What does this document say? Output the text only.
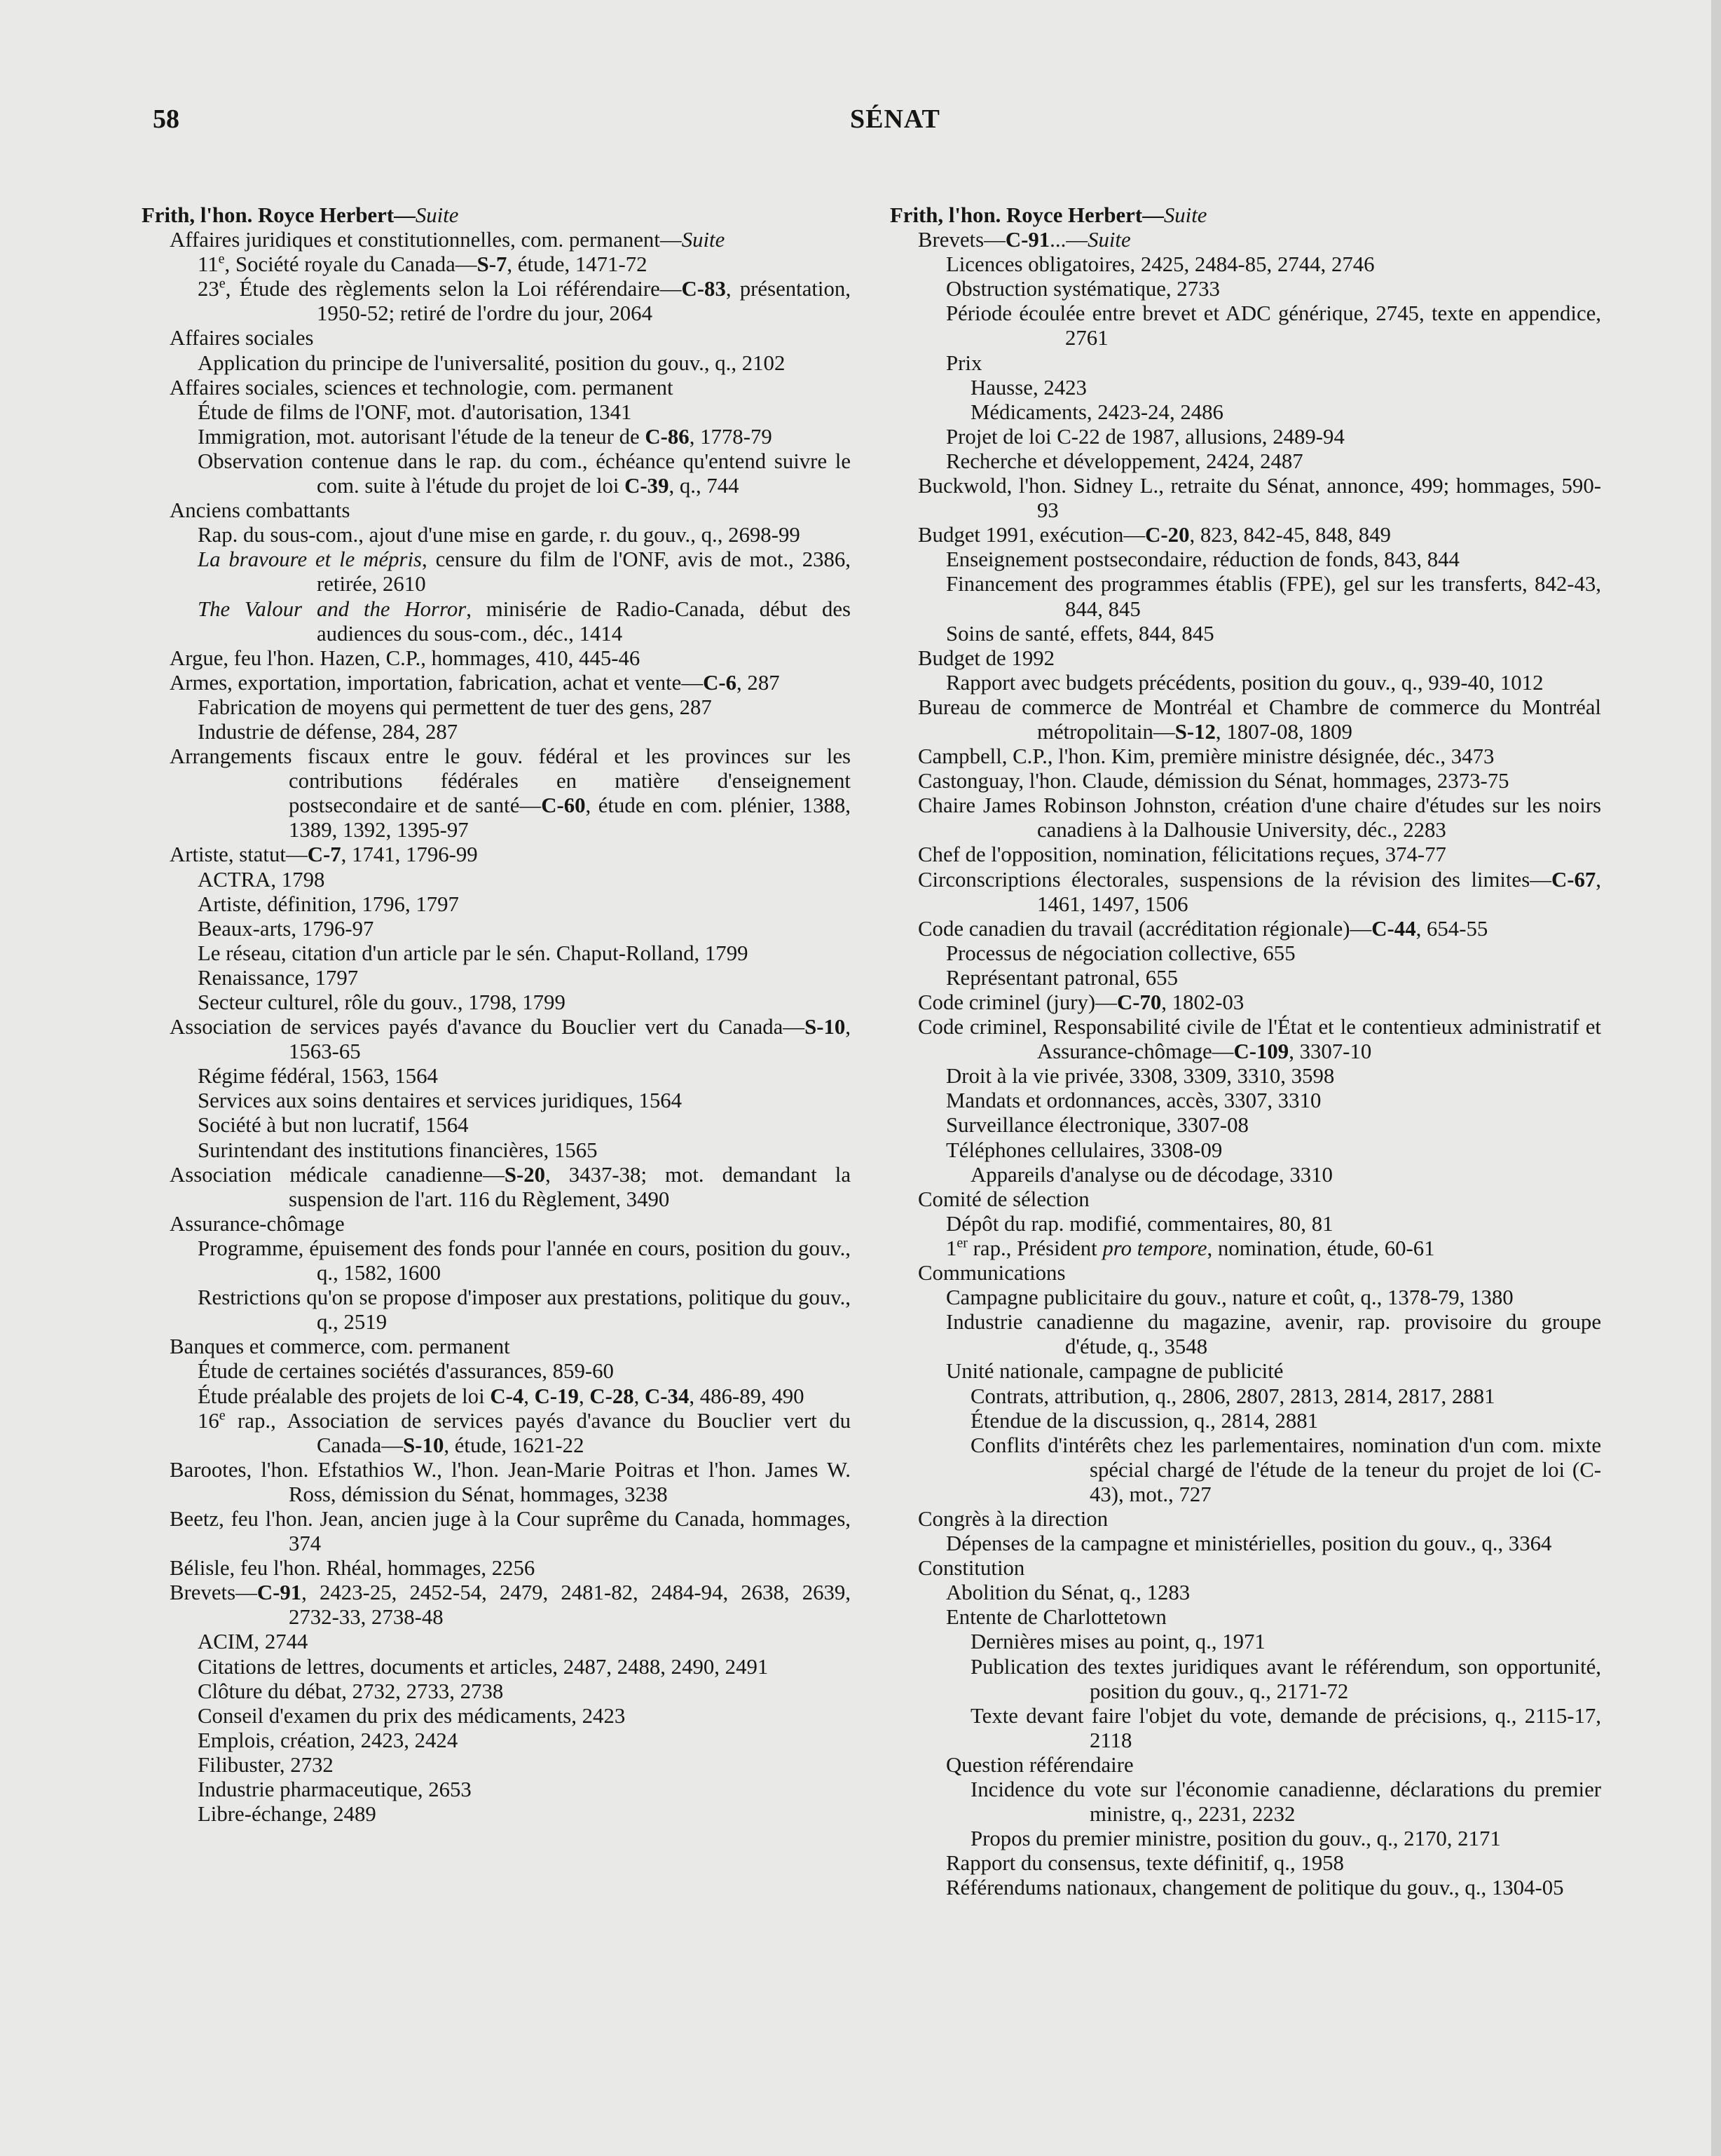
58	SÉNAT

Frith, l'hon. Royce Herbert—Suite

Affaires juridiques et constitutionnelles, com. permanent—Suite

11e, Société royale du Canada—S-7, étude, 1471-72

23e, Étude des règlements selon la Loi référendaire—C-83, présentation, 1950-52; retiré de l'ordre du jour, 2064

Affaires sociales

Application du principe de l'universalité, position du gouv., q., 2102

Affaires sociales, sciences et technologie, com. permanent

Étude de films de l'ONF, mot. d'autorisation, 1341

Immigration, mot. autorisant l'étude de la teneur de C-86, 1778-79

Observation contenue dans le rap. du com., échéance qu'entend suivre le com. suite à l'étude du projet de loi C-39, q., 744

Anciens combattants

Rap. du sous-com., ajout d'une mise en garde, r. du gouv., q., 2698-99

La bravoure et le mépris, censure du film de l'ONF, avis de mot., 2386, retirée, 2610

The Valour and the Horror, minisérie de Radio-Canada, début des audiences du sous-com., déc., 1414

Argue, feu l'hon. Hazen, C.P., hommages, 410, 445-46

Armes, exportation, importation, fabrication, achat et vente—C-6, 287

Fabrication de moyens qui permettent de tuer des gens, 287

Industrie de défense, 284, 287

Arrangements fiscaux entre le gouv. fédéral et les provinces sur les contributions fédérales en matière d'enseignement postsecondaire et de santé—C-60, étude en com. plénier, 1388, 1389, 1392, 1395-97

Artiste, statut—C-7, 1741, 1796-99

ACTRA, 1798

Artiste, définition, 1796, 1797

Beaux-arts, 1796-97

Le réseau, citation d'un article par le sén. Chaput-Rolland, 1799

Renaissance, 1797

Secteur culturel, rôle du gouv., 1798, 1799

Association de services payés d'avance du Bouclier vert du Canada—S-10, 1563-65

Régime fédéral, 1563, 1564

Services aux soins dentaires et services juridiques, 1564

Société à but non lucratif, 1564

Surintendant des institutions financières, 1565

Association médicale canadienne—S-20, 3437-38; mot. demandant la suspension de l'art. 116 du Règlement, 3490

Assurance-chômage

Programme, épuisement des fonds pour l'année en cours, position du gouv., q., 1582, 1600

Restrictions qu'on se propose d'imposer aux prestations, politique du gouv., q., 2519

Banques et commerce, com. permanent

Étude de certaines sociétés d'assurances, 859-60

Étude préalable des projets de loi C-4, C-19, C-28, C-34, 486-89, 490

16e rap., Association de services payés d'avance du Bouclier vert du Canada—S-10, étude, 1621-22

Barootes, l'hon. Efstathios W., l'hon. Jean-Marie Poitras et l'hon. James W. Ross, démission du Sénat, hommages, 3238

Beetz, feu l'hon. Jean, ancien juge à la Cour suprême du Canada, hommages, 374

Bélisle, feu l'hon. Rhéal, hommages, 2256

Brevets—C-91, 2423-25, 2452-54, 2479, 2481-82, 2484-94, 2638, 2639, 2732-33, 2738-48

ACIM, 2744

Citations de lettres, documents et articles, 2487, 2488, 2490, 2491

Clôture du débat, 2732, 2733, 2738

Conseil d'examen du prix des médicaments, 2423

Emplois, création, 2423, 2424

Filibuster, 2732

Industrie pharmaceutique, 2653

Libre-échange, 2489

Frith, l'hon. Royce Herbert—Suite

Brevets—C-91...—Suite

Licences obligatoires, 2425, 2484-85, 2744, 2746

Obstruction systématique, 2733

Période écoulée entre brevet et ADC générique, 2745, texte en appendice, 2761

Prix

Hausse, 2423

Médicaments, 2423-24, 2486

Projet de loi C-22 de 1987, allusions, 2489-94

Recherche et développement, 2424, 2487

Buckwold, l'hon. Sidney L., retraite du Sénat, annonce, 499; hommages, 590-93

Budget 1991, exécution—C-20, 823, 842-45, 848, 849

Enseignement postsecondaire, réduction de fonds, 843, 844

Financement des programmes établis (FPE), gel sur les transferts, 842-43, 844, 845

Soins de santé, effets, 844, 845

Budget de 1992

Rapport avec budgets précédents, position du gouv., q., 939-40, 1012

Bureau de commerce de Montréal et Chambre de commerce du Montréal métropolitain—S-12, 1807-08, 1809

Campbell, C.P., l'hon. Kim, première ministre désignée, déc., 3473

Castonguay, l'hon. Claude, démission du Sénat, hommages, 2373-75

Chaire James Robinson Johnston, création d'une chaire d'études sur les noirs canadiens à la Dalhousie University, déc., 2283

Chef de l'opposition, nomination, félicitations reçues, 374-77

Circonscriptions électorales, suspensions de la révision des limites—C-67, 1461, 1497, 1506

Code canadien du travail (accréditation régionale)—C-44, 654-55

Processus de négociation collective, 655

Représentant patronal, 655

Code criminel (jury)—C-70, 1802-03

Code criminel, Responsabilité civile de l'État et le contentieux administratif et Assurance-chômage—C-109, 3307-10

Droit à la vie privée, 3308, 3309, 3310, 3598

Mandats et ordonnances, accès, 3307, 3310

Surveillance électronique, 3307-08

Téléphones cellulaires, 3308-09

Appareils d'analyse ou de décodage, 3310

Comité de sélection

Dépôt du rap. modifié, commentaires, 80, 81

1er rap., Président pro tempore, nomination, étude, 60-61

Communications

Campagne publicitaire du gouv., nature et coût, q., 1378-79, 1380

Industrie canadienne du magazine, avenir, rap. provisoire du groupe d'étude, q., 3548

Unité nationale, campagne de publicité

Contrats, attribution, q., 2806, 2807, 2813, 2814, 2817, 2881

Étendue de la discussion, q., 2814, 2881

Conflits d'intérêts chez les parlementaires, nomination d'un com. mixte spécial chargé de l'étude de la teneur du projet de loi (C-43), mot., 727

Congrès à la direction

Dépenses de la campagne et ministérielles, position du gouv., q., 3364

Constitution

Abolition du Sénat, q., 1283

Entente de Charlottetown

Dernières mises au point, q., 1971

Publication des textes juridiques avant le référendum, son opportunité, position du gouv., q., 2171-72

Texte devant faire l'objet du vote, demande de précisions, q., 2115-17, 2118

Question référendaire

Incidence du vote sur l'économie canadienne, déclarations du premier ministre, q., 2231, 2232

Propos du premier ministre, position du gouv., q., 2170, 2171

Rapport du consensus, texte définitif, q., 1958

Référendums nationaux, changement de politique du gouv., q., 1304-05
